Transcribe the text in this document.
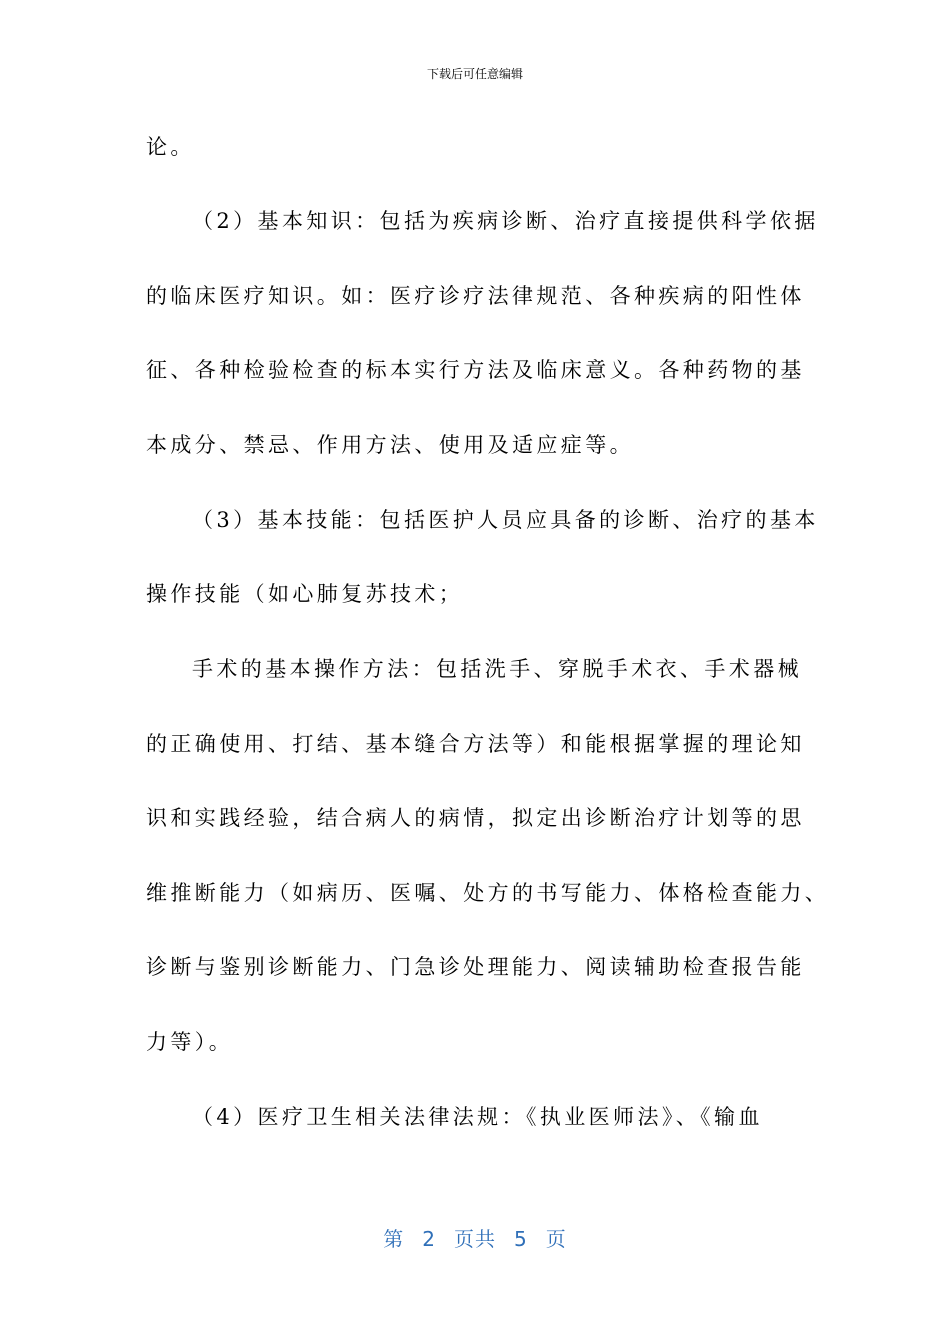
下载后可任意编辑
论。
（2）基本知识：包括为疾病诊断、治疗直接提供科学依据
的临床医疗知识。如：医疗诊疗法律规范、各种疾病的阳性体
征、各种检验检查的标本实行方法及临床意义。各种药物的基
本成分、禁忌、作用方法、使用及适应症等。
（3）基本技能：包括医护人员应具备的诊断、治疗的基本
操作技能（如心肺复苏技术；
手术的基本操作方法：包括洗手、穿脱手术衣、手术器械
的正确使用、打结、基本缝合方法等）和能根据掌握的理论知
识和实践经验，结合病人的病情，拟定出诊断治疗计划等的思
维推断能力（如病历、医嘱、处方的书写能力、体格检查能力、
诊断与鉴别诊断能力、门急诊处理能力、阅读辅助检查报告能
力等）。
（4）医疗卫生相关法律法规：《执业医师法》、《输血
第 2 页共 5 页
